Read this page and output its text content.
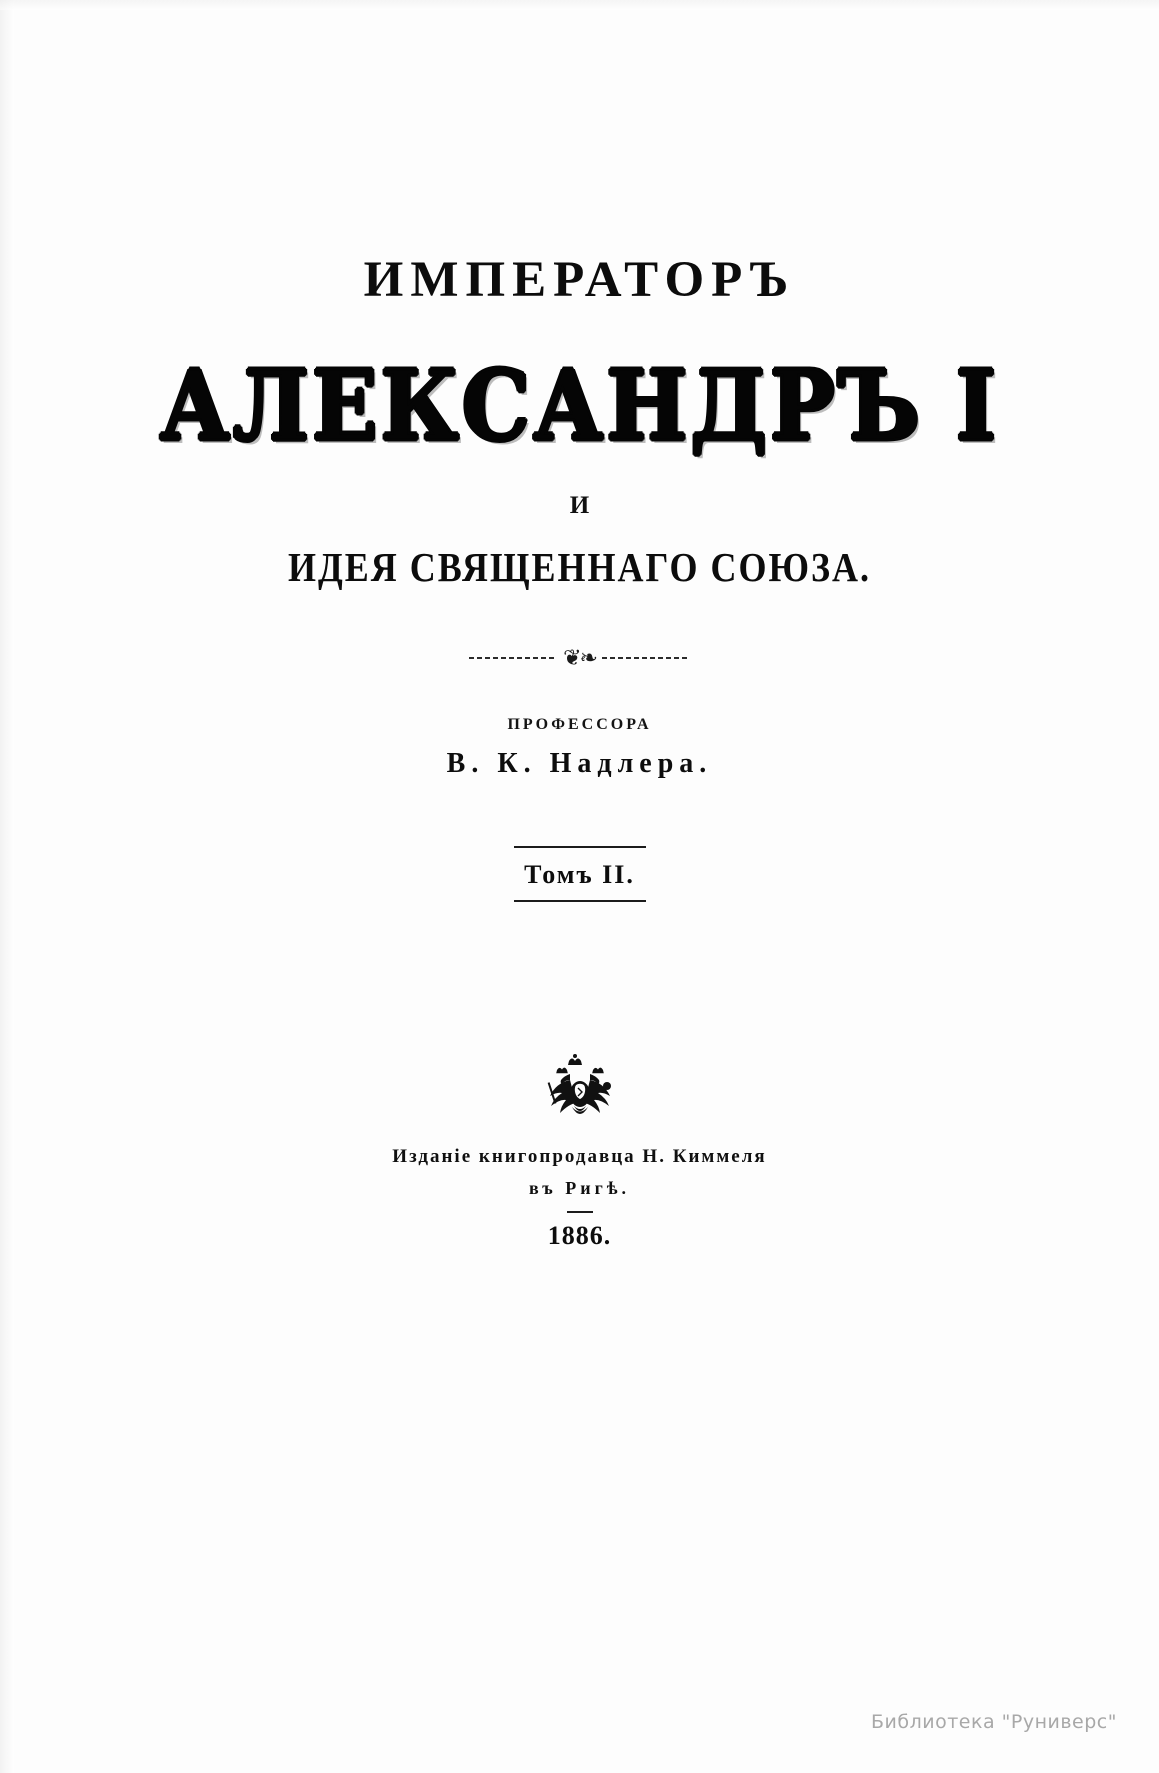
ИМПЕРАТОРЪ
АЛЕКСАНДРЪ I
И
ИДЕЯ СВЯЩЕННАГО СОЮЗА.
❦❧
ПРОФЕССОРА
В. К. Надлера.
Томъ II.
Изданie книгопродавца Н. Киммеля
въ Ригѣ.
1886.
Библиотека "Руниверс"
